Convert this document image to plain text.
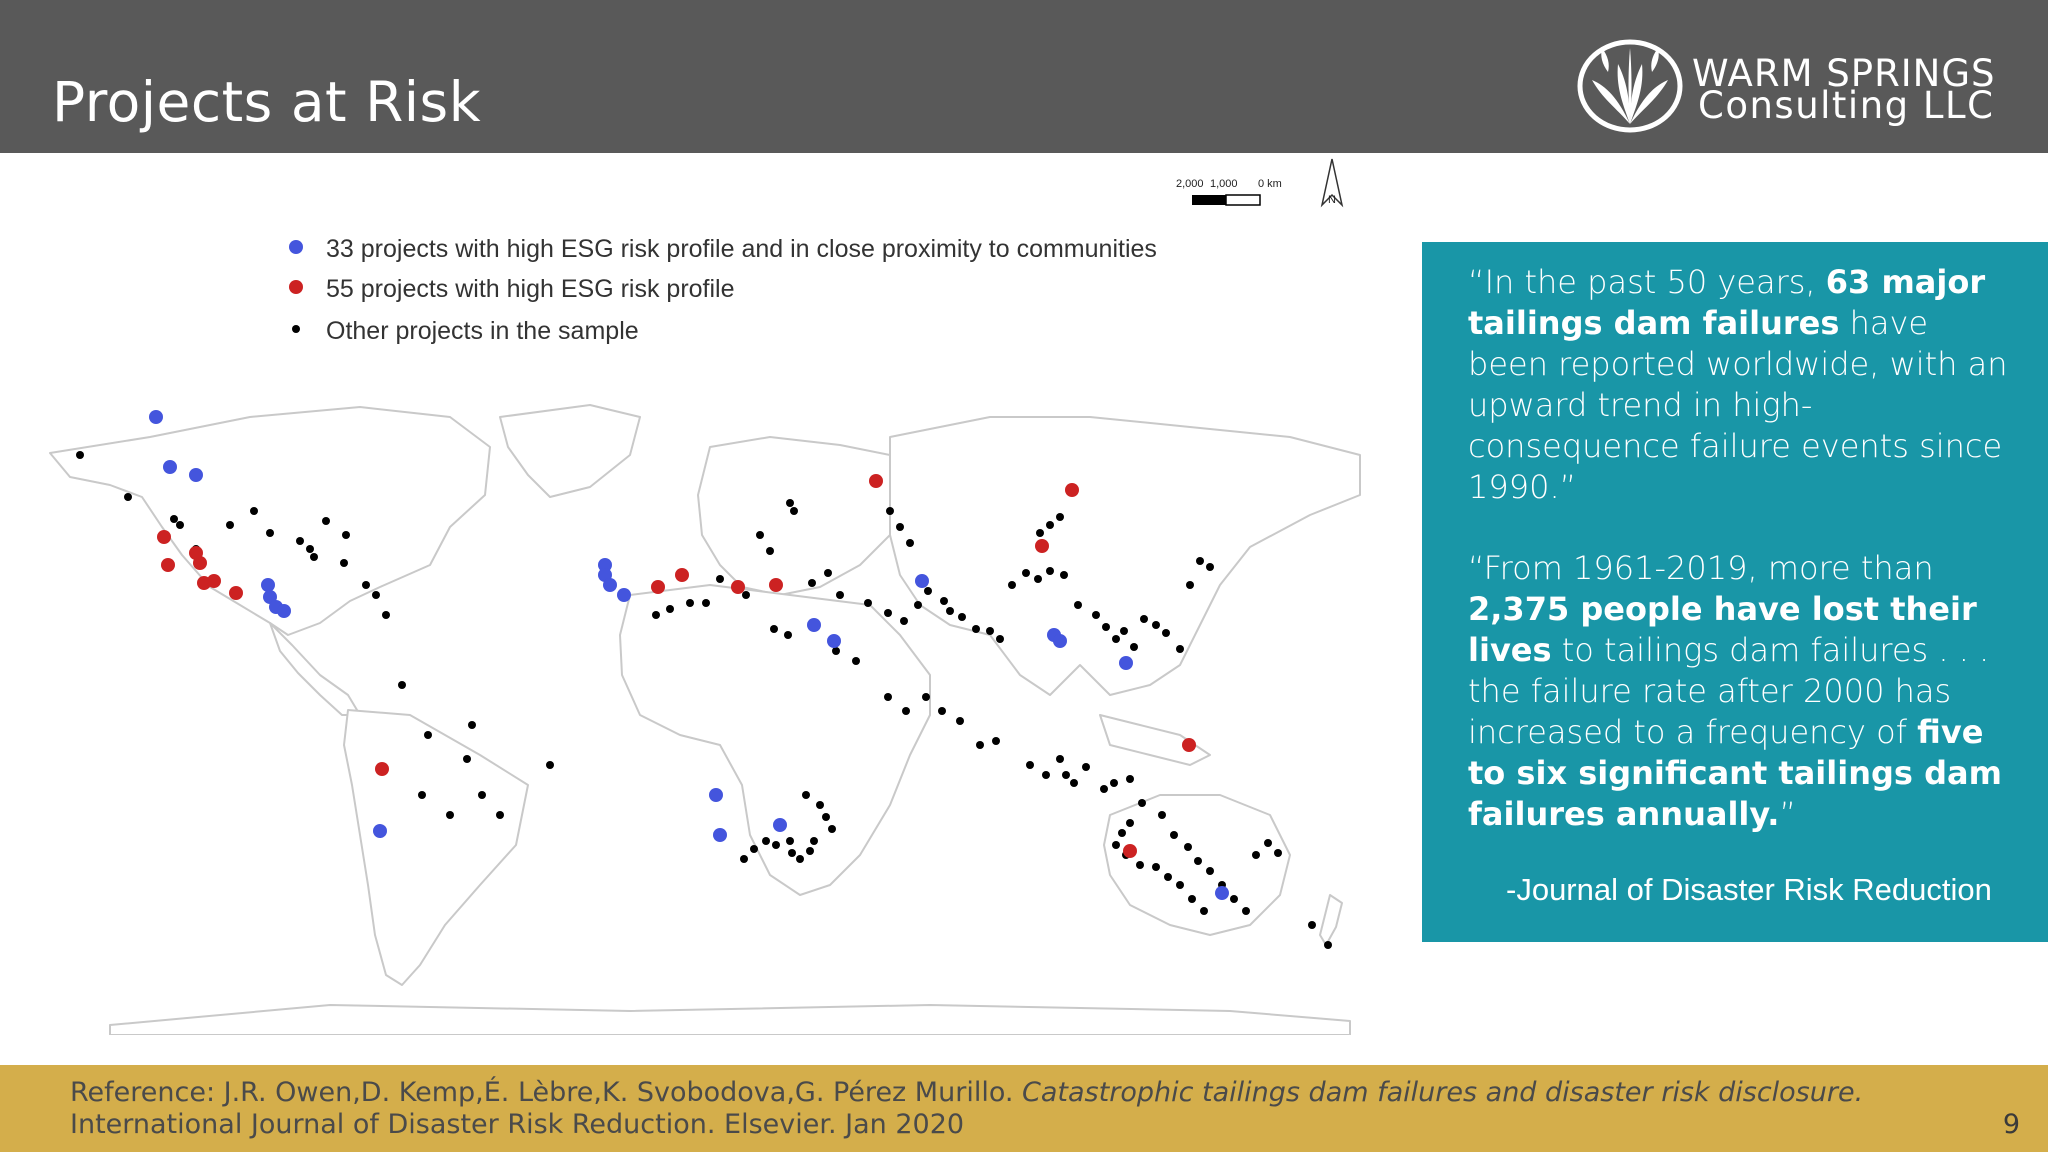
Projects at Risk	WARM SPRINGS
Consulting LLC
2,000 1,000 0 km
N
33 projects with high ESG risk profile and in close proximity to communities
55 projects with high ESG risk profile
Other projects in the sample
“In the past 50 years, 63 major tailings dam failures have been reported worldwide, with an upward trend in high-consequence failure events since 1990.”
“From 1961-2019, more than 2,375 people have lost their lives to tailings dam failures . . . the failure rate after 2000 has increased to a frequency of five to six significant tailings dam failures annually.”
-Journal of Disaster Risk Reduction
Reference: J.R. Owen,D. Kemp,É. Lèbre,K. Svobodova,G. Pérez Murillo. Catastrophic tailings dam failures and disaster risk disclosure. International Journal of Disaster Risk Reduction. Elsevier. Jan 2020	9
